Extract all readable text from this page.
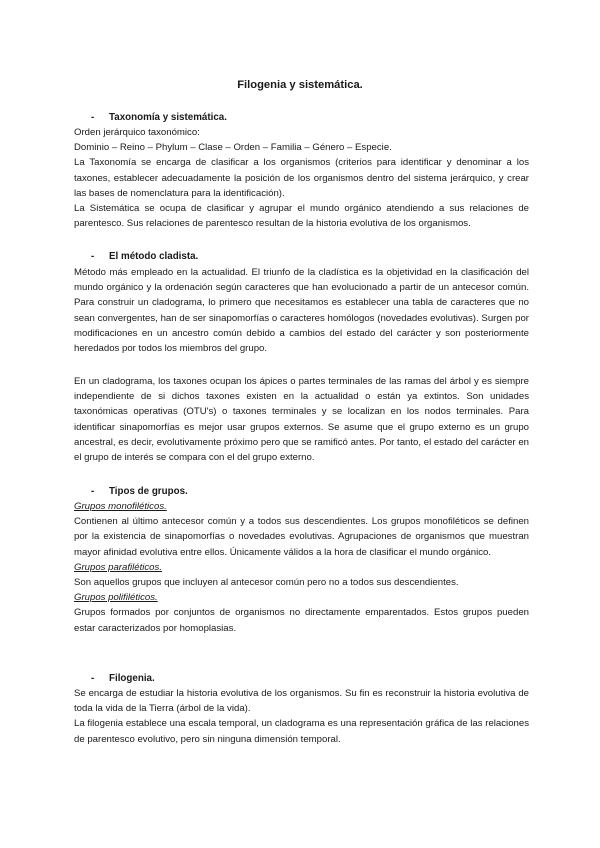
Filogenia y sistemática.
- Taxonomía y sistemática.

Orden jerárquico taxonómico:

Dominio – Reino – Phylum – Clase – Orden – Familia – Género – Especie.

La Taxonomía se encarga de clasificar a los organismos (criterios para identificar y denominar a los taxones, establecer adecuadamente la posición de los organismos dentro del sistema jerárquico, y crear las bases de nomenclatura para la identificación).

La Sistemática se ocupa de clasificar y agrupar el mundo orgánico atendiendo a sus relaciones de parentesco. Sus relaciones de parentesco resultan de la historia evolutiva de los organismos.

- El método cladista.

Método más empleado en la actualidad. El triunfo de la cladística es la objetividad en la clasificación del mundo orgánico y la ordenación según caracteres que han evolucionado a partir de un antecesor común. Para construir un cladograma, lo primero que necesitamos es establecer una tabla de caracteres que no sean convergentes, han de ser sinapomorfías o caracteres homólogos (novedades evolutivas). Surgen por modificaciones en un ancestro común debido a cambios del estado del carácter y son posteriormente heredados por todos los miembros del grupo.

En un cladograma, los taxones ocupan los ápices o partes terminales de las ramas del árbol y es siempre independiente de si dichos taxones existen en la actualidad o están ya extintos. Son unidades taxonómicas operativas (OTU's) o taxones terminales y se localizan en los nodos terminales. Para identificar sinapomorfías es mejor usar grupos externos. Se asume que el grupo externo es un grupo ancestral, es decir, evolutivamente próximo pero que se ramificó antes. Por tanto, el estado del carácter en el grupo de interés se compara con el del grupo externo.

- Tipos de grupos.

Grupos monofiléticos.

Contienen al último antecesor común y a todos sus descendientes. Los grupos monofiléticos se definen por la existencia de sinapomorfías o novedades evolutivas. Agrupaciones de organismos que muestran mayor afinidad evolutiva entre ellos. Únicamente válidos a la hora de clasificar el mundo orgánico.

Grupos parafiléticos.

Son aquellos grupos que incluyen al antecesor común pero no a todos sus descendientes.

Grupos polifiléticos.

Grupos formados por conjuntos de organismos no directamente emparentados. Estos grupos pueden estar caracterizados por homoplasias.

- Filogenia.

Se encarga de estudiar la historia evolutiva de los organismos. Su fin es reconstruir la historia evolutiva de toda la vida de la Tierra (árbol de la vida).

La filogenia establece una escala temporal, un cladograma es una representación gráfica de las relaciones de parentesco evolutivo, pero sin ninguna dimensión temporal.
